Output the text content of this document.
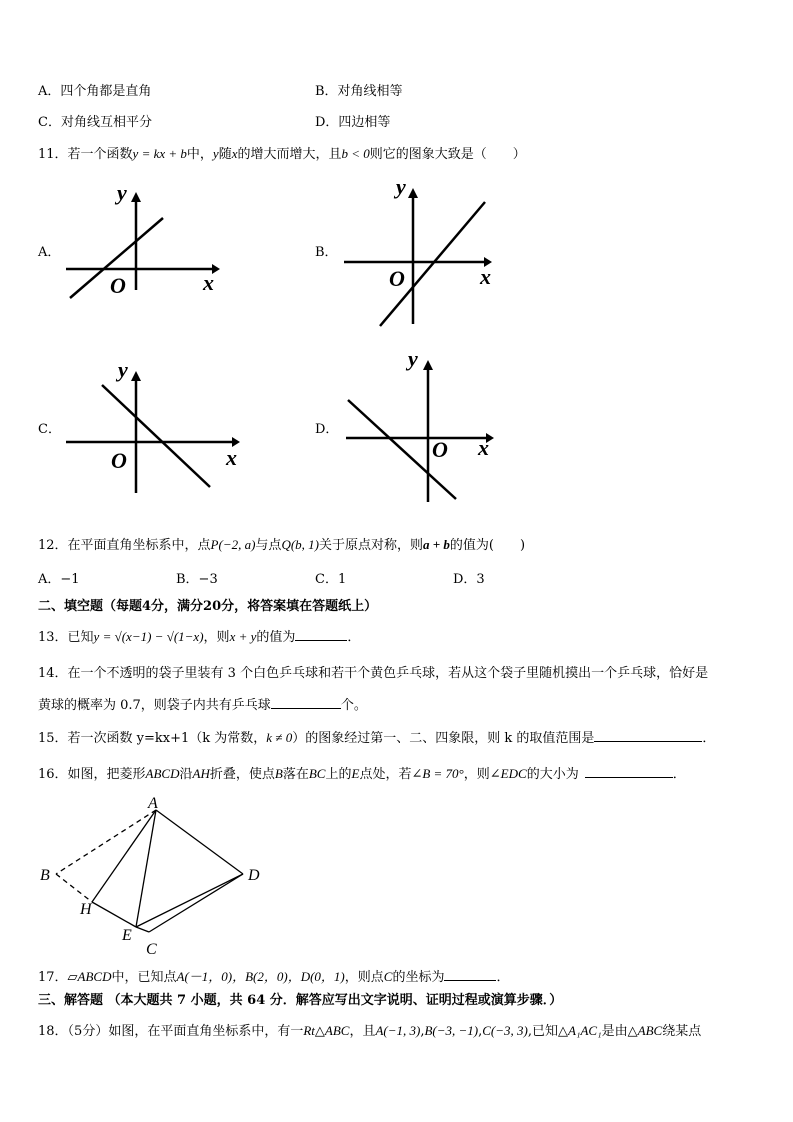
A．四个角都是直角	B．对角线相等
C．对角线互相平分	D．四边相等
11．若一个函数y = kx + b中，y随x的增大而增大，且b < 0则它的图象大致是（　　）
A．	B．
C．	D．
O	x
y
O	x
y
O	x
y
O x
y
12．在平面直角坐标系中，点P(−2, a)与点Q(b, 1)关于原点对称，则a + b的值为(　　)
A．−1	B．−3	C．1	D．3
二、填空题（每题4分，满分20分，将答案填在答题纸上）
13．已知y = √(x−1) − √(1−x)，则x + y的值为	．
14．在一个不透明的袋子里装有 3 个白色乒乓球和若干个黄色乒乓球，若从这个袋子里随机摸出一个乒乓球，恰好是
黄球的概率为 0.7，则袋子内共有乒乓球	个。
15．若一次函数 y=kx+1（k 为常数，k ≠ 0）的图象经过第一、二、四象限，则 k 的取值范围是	．
16．如图，把菱形ABCD沿AH折叠，使点B落在BC上的E点处，若∠B = 70°，则∠EDC的大小为	．
A
B
H
E
C
D
17．▱ABCD中，已知点A(－1，0)，B(2，0)，D(0，1)，则点C的坐标为	．
三、解答题 （本大题共 7 小题，共 64 分．解答应写出文字说明、证明过程或演算步骤．）
18．（5分）如图，在平面直角坐标系中，有一Rt△ABC，且A(−1, 3),B(−3, −1),C(−3, 3),已知△A₁AC₁是由△ABC绕某点
